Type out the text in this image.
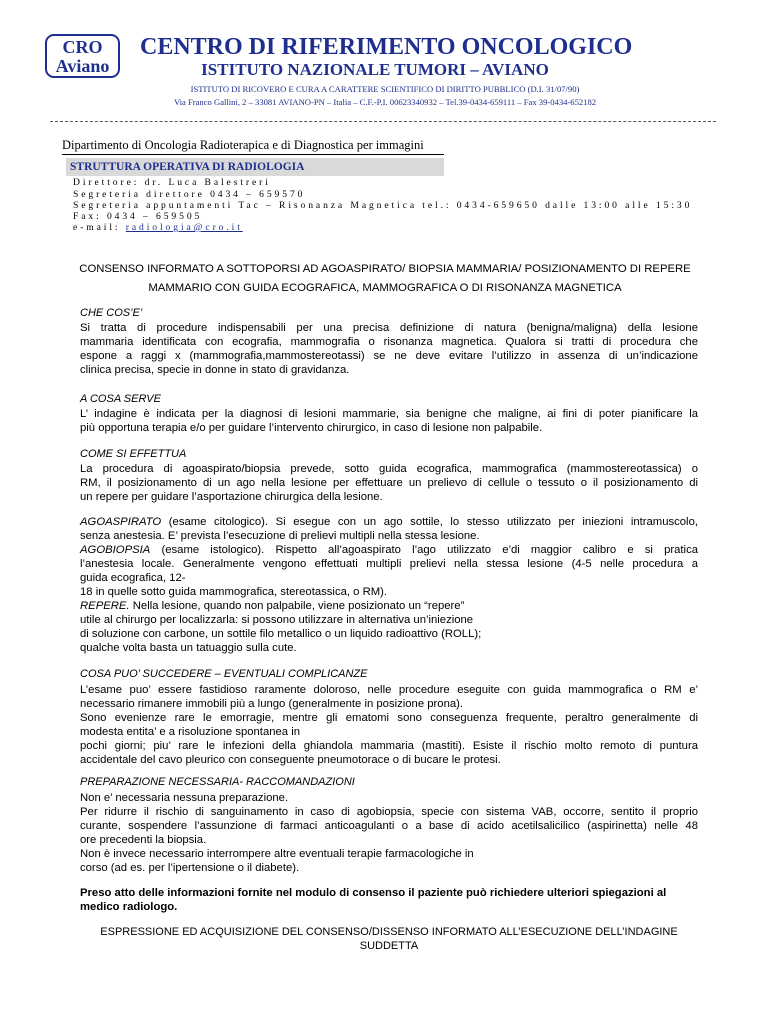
CRO
Aviano
CENTRO DI RIFERIMENTO ONCOLOGICO
ISTITUTO NAZIONALE TUMORI – AVIANO
ISTITUTO DI RICOVERO E CURA A CARATTERE SCIENTIFICO DI DIRITTO PUBBLICO (D.I. 31/07/90)
Via Franco Gallini, 2 – 33081 AVIANO-PN – Italia – C.F.-P.I. 00623340932 – Tel.39-0434-659111 – Fax 39-0434-652182
Dipartimento di Oncologia Radioterapica e di Diagnostica per immagini
STRUTTURA OPERATIVA DI RADIOLOGIA
Direttore: dr. Luca Balestreri
Segreteria direttore 0434 – 659570
Segreteria appuntamenti Tac – Risonanza Magnetica tel.: 0434-659650 dalle 13:00 alle 15:30
Fax: 0434 – 659505
e-mail: radiologia@cro.it
CONSENSO INFORMATO A SOTTOPORSI AD AGOASPIRATO/ BIOPSIA MAMMARIA/ POSIZIONAMENTO DI REPERE
MAMMARIO CON GUIDA ECOGRAFICA, MAMMOGRAFICA O DI RISONANZA MAGNETICA
CHE COS’E’
Si tratta di procedure indispensabili per una precisa definizione di natura (benigna/maligna) della lesione
mammaria identificata con ecografia, mammografia o risonanza magnetica. Qualora si tratti di procedura che
espone a raggi x (mammografia,mammostereotassi) se ne deve evitare l’utilizzo in assenza di un’indicazione
clinica precisa, specie in donne in stato di gravidanza.
A COSA SERVE
L’ indagine è indicata per la diagnosi di lesioni mammarie, sia benigne che maligne, ai fini di poter pianificare la
più opportuna terapia e/o per guidare l’intervento chirurgico, in caso di lesione non palpabile.
COME SI EFFETTUA
La procedura di agoaspirato/biopsia prevede, sotto guida ecografica, mammografica (mammostereotassica) o
RM, il posizionamento di un ago nella lesione per effettuare un prelievo di cellule o tessuto o il posizionamento di
un repere per guidare l’asportazione chirurgica della lesione.
AGOASPIRATO (esame citologico). Si esegue con un ago sottile, lo stesso utilizzato per iniezioni intramuscolo,
senza anestesia. E’ prevista l’esecuzione di prelievi multipli nella stessa lesione.
AGOBIOPSIA (esame istologico). Rispetto all’agoaspirato l’ago utilizzato e’di maggior calibro e si pratica
l’anestesia locale. Generalmente vengono effettuati multipli prelievi nella stessa lesione (4-5 nelle procedura a
guida ecografica, 12-
18 in quelle sotto guida mammografica, stereotassica, o RM).
REPERE. Nella lesione, quando non palpabile, viene posizionato un “repere”
utile al chirurgo per localizzarla: si possono utilizzare in alternativa un’iniezione
di soluzione con carbone, un sottile filo metallico o un liquido radioattivo (ROLL);
qualche volta basta un tatuaggio sulla cute.
COSA PUO’ SUCCEDERE – EVENTUALI COMPLICANZE
L’esame puo’ essere fastidioso raramente doloroso, nelle procedure eseguite con guida mammografica o RM e’
necessario rimanere immobili più a lungo (generalmente in posizione prona).
Sono evenienze rare le emorragie, mentre gli ematomi sono conseguenza frequente, peraltro generalmente di
modesta entita’ e a risoluzione spontanea in
pochi giorni; piu’ rare le infezioni della ghiandola mammaria (mastiti). Esiste il rischio molto remoto di puntura
accidentale del cavo pleurico con conseguente pneumotorace o di bucare le protesi.
PREPARAZIONE NECESSARIA- RACCOMANDAZIONI
Non e’ necessaria nessuna preparazione.
Per ridurre il rischio di sanguinamento in caso di agobiopsia, specie con sistema VAB, occorre, sentito il proprio
curante, sospendere l’assunzione di farmaci anticoagulanti o a base di acido acetilsalicilico (aspirinetta) nelle 48
ore precedenti la biopsia.
Non è invece necessario interrompere altre eventuali terapie farmacologiche in
corso (ad es. per l’ipertensione o il diabete).
Preso atto delle informazioni fornite nel modulo di consenso il paziente può richiedere ulteriori spiegazioni al
medico radiologo.
ESPRESSIONE ED ACQUISIZIONE DEL CONSENSO/DISSENSO INFORMATO ALL’ESECUZIONE DELL’INDAGINE
SUDDETTA
